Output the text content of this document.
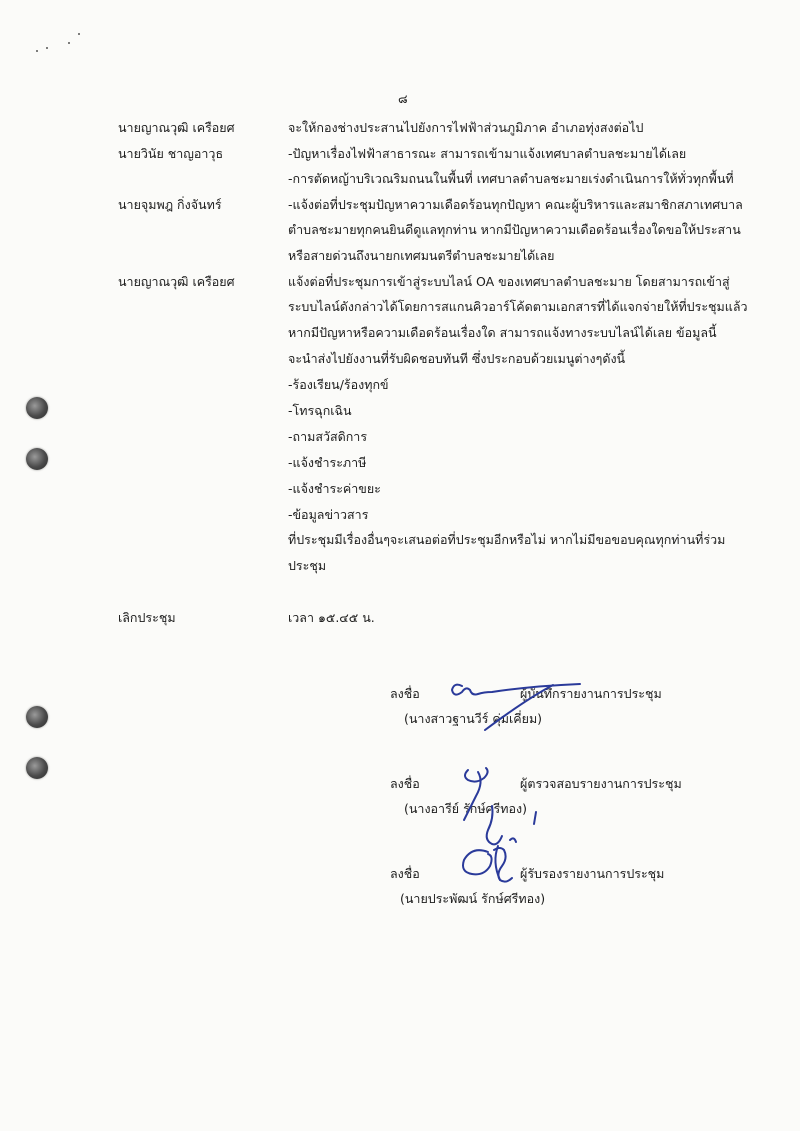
๘
นายญาณวุฒิ เครือยศ	จะให้กองช่างประสานไปยังการไฟฟ้าส่วนภูมิภาค อำเภอทุ่งสงต่อไป
นายวินัย ชาญอาวุธ	-ปัญหาเรื่องไฟฟ้าสาธารณะ สามารถเข้ามาแจ้งเทศบาลตำบลชะมายได้เลย
-การตัดหญ้าบริเวณริมถนนในพื้นที่ เทศบาลตำบลชะมายเร่งดำเนินการให้ทั่วทุกพื้นที่
นายจุมพฎ กิ่งจันทร์	-แจ้งต่อที่ประชุมปัญหาความเดือดร้อนทุกปัญหา คณะผู้บริหารและสมาชิกสภาเทศบาล
ตำบลชะมายทุกคนยินดีดูแลทุกท่าน หากมีปัญหาความเดือดร้อนเรื่องใดขอให้ประสาน
หรือสายด่วนถึงนายกเทศมนตรีตำบลชะมายได้เลย
นายญาณวุฒิ เครือยศ	แจ้งต่อที่ประชุมการเข้าสู่ระบบไลน์ OA ของเทศบาลตำบลชะมาย โดยสามารถเข้าสู่
ระบบไลน์ดังกล่าวได้โดยการสแกนคิวอาร์โค้ดตามเอกสารที่ได้แจกจ่ายให้ที่ประชุมแล้ว
หากมีปัญหาหรือความเดือดร้อนเรื่องใด สามารถแจ้งทางระบบไลน์ได้เลย ข้อมูลนี้
จะนำส่งไปยังงานที่รับผิดชอบทันที ซึ่งประกอบด้วยเมนูต่างๆดังนี้
-ร้องเรียน/ร้องทุกข์
-โทรฉุกเฉิน
-ถามสวัสดิการ
-แจ้งชำระภาษี
-แจ้งชำระค่าขยะ
-ข้อมูลข่าวสาร
ที่ประชุมมีเรื่องอื่นๆจะเสนอต่อที่ประชุมอีกหรือไม่ หากไม่มีขอขอบคุณทุกท่านที่ร่วม
ประชุม
เลิกประชุม	เวลา ๑๕.๔๕ น.
ลงชื่อ	ผู้บันทึกรายงานการประชุม
(นางสาวฐานวีร์ คุ่มเคี่ยม)
ลงชื่อ	ผู้ตรวจสอบรายงานการประชุม
(นางอารีย์ รักษ์ศรีทอง)
ลงชื่อ	ผู้รับรองรายงานการประชุม
(นายประพัฒน์ รักษ์ศรีทอง)
